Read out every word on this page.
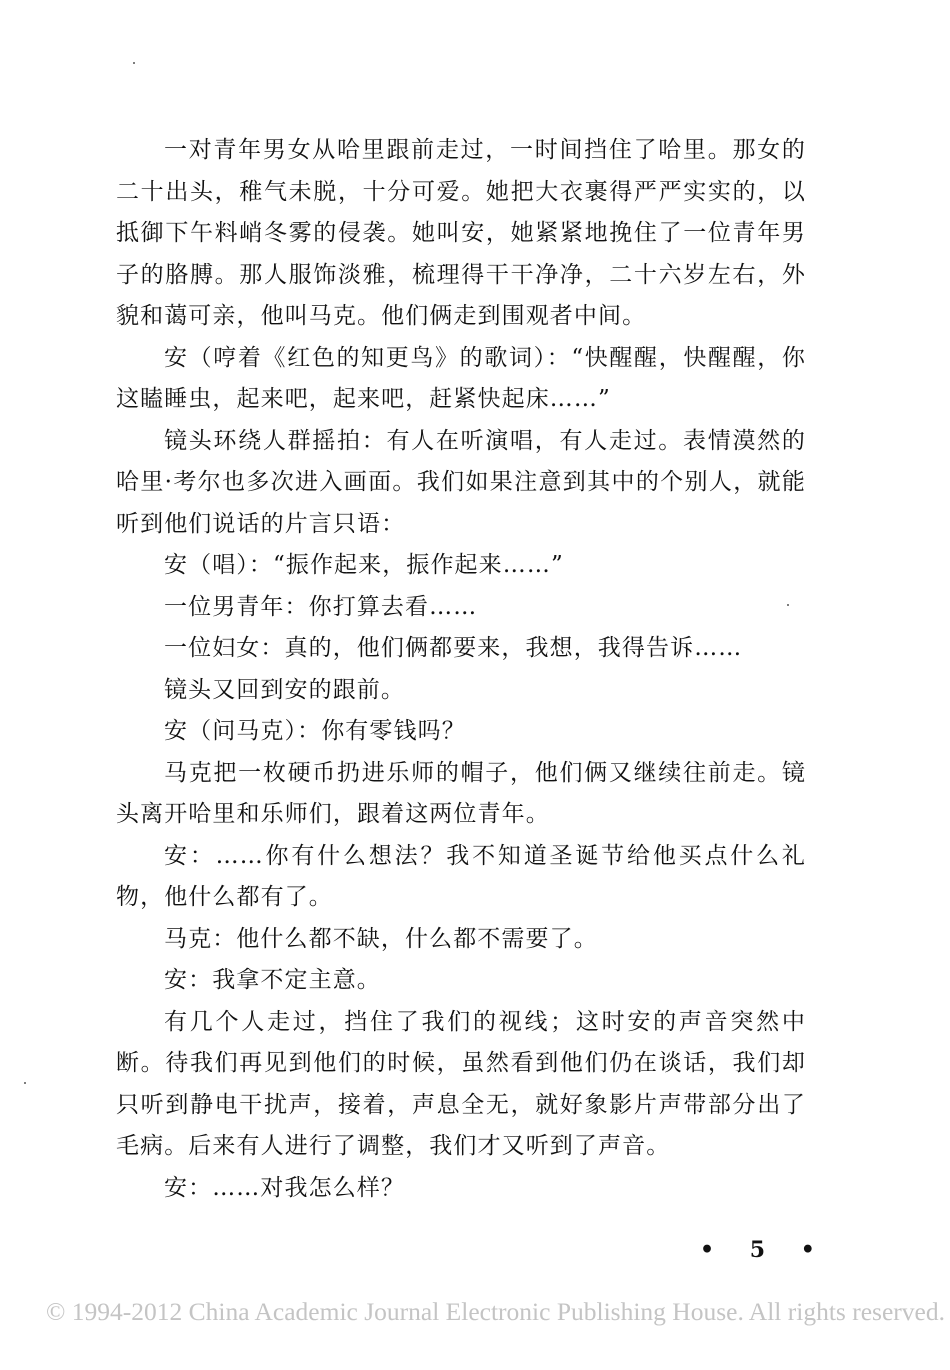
一对青年男女从哈里跟前走过，一时间挡住了哈里。那女的二十出头，稚气未脱，十分可爱。她把大衣裹得严严实实的，以抵御下午料峭冬雾的侵袭。她叫安，她紧紧地挽住了一位青年男子的胳膊。那人服饰淡雅，梳理得干干净净，二十六岁左右，外貌和蔼可亲，他叫马克。他们俩走到围观者中间。

安（哼着《红色的知更鸟》的歌词）：“快醒醒，快醒醒，你这瞌睡虫，起来吧，起来吧，赶紧快起床……”

镜头环绕人群摇拍：有人在听演唱，有人走过。表情漠然的哈里·考尔也多次进入画面。我们如果注意到其中的个别人，就能听到他们说话的片言只语：

安（唱）：“振作起来，振作起来……”

一位男青年：你打算去看……

一位妇女：真的，他们俩都要来，我想，我得告诉……

镜头又回到安的跟前。

安（问马克）：你有零钱吗？

马克把一枚硬币扔进乐师的帽子，他们俩又继续往前走。镜头离开哈里和乐师们，跟着这两位青年。

安：……你有什么想法？我不知道圣诞节给他买点什么礼物，他什么都有了。

马克：他什么都不缺，什么都不需要了。

安：我拿不定主意。

有几个人走过，挡住了我们的视线；这时安的声音突然中断。待我们再见到他们的时候，虽然看到他们仍在谈话，我们却只听到静电干扰声，接着，声息全无，就好象影片声带部分出了毛病。后来有人进行了调整，我们才又听到了声音。

安：……对我怎么样？

• 5 •
© 1994-2012 China Academic Journal Electronic Publishing House. All rights reserved.
